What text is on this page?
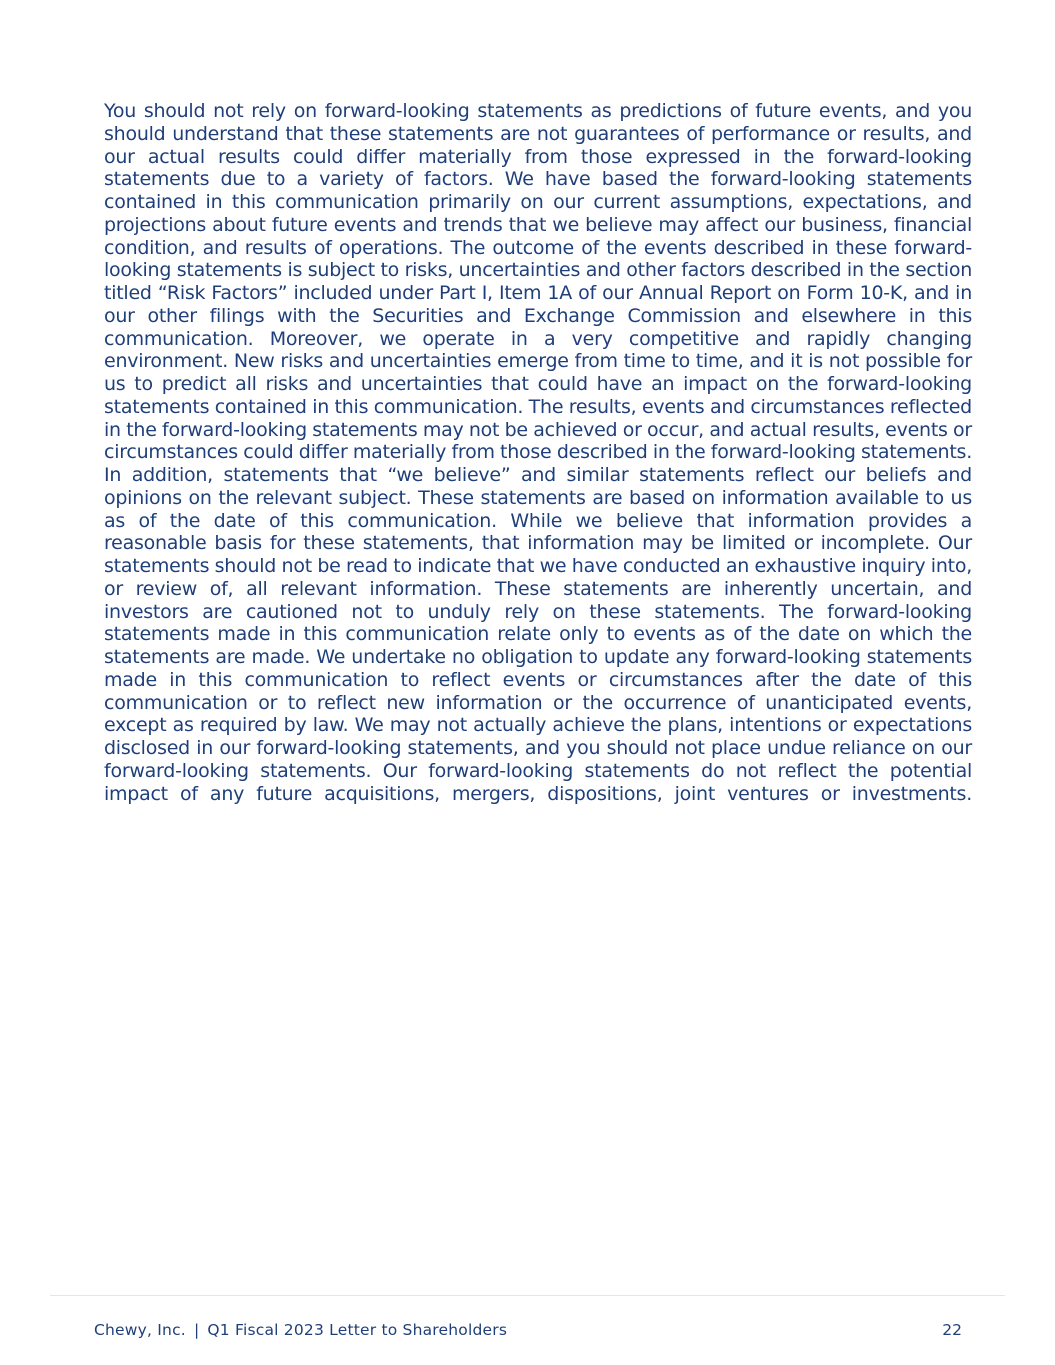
You should not rely on forward-looking statements as predictions of future events, and you should understand that these statements are not guarantees of performance or results, and our actual results could differ materially from those expressed in the forward-looking statements due to a variety of factors. We have based the forward-looking statements contained in this communication primarily on our current assumptions, expectations, and projections about future events and trends that we believe may affect our business, financial condition, and results of operations. The outcome of the events described in these forward-looking statements is subject to risks, uncertainties and other factors described in the section titled “Risk Factors” included under Part I, Item 1A of our Annual Report on Form 10-K, and in our other filings with the Securities and Exchange Commission and elsewhere in this communication. Moreover, we operate in a very competitive and rapidly changing environment. New risks and uncertainties emerge from time to time, and it is not possible for us to predict all risks and uncertainties that could have an impact on the forward-looking statements contained in this communication. The results, events and circumstances reflected in the forward-looking statements may not be achieved or occur, and actual results, events or circumstances could differ materially from those described in the forward-looking statements. In addition, statements that “we believe” and similar statements reflect our beliefs and opinions on the relevant subject. These statements are based on information available to us as of the date of this communication. While we believe that information provides a reasonable basis for these statements, that information may be limited or incomplete. Our statements should not be read to indicate that we have conducted an exhaustive inquiry into, or review of, all relevant information. These statements are inherently uncertain, and investors are cautioned not to unduly rely on these statements. The forward-looking statements made in this communication relate only to events as of the date on which the statements are made. We undertake no obligation to update any forward-looking statements made in this communication to reflect events or circumstances after the date of this communication or to reflect new information or the occurrence of unanticipated events, except as required by law. We may not actually achieve the plans, intentions or expectations disclosed in our forward-looking statements, and you should not place undue reliance on our forward-looking statements. Our forward-looking statements do not reflect the potential impact of any future acquisitions, mergers, dispositions, joint ventures or investments.

Chewy, Inc. | Q1 Fiscal 2023 Letter to Shareholders	22
